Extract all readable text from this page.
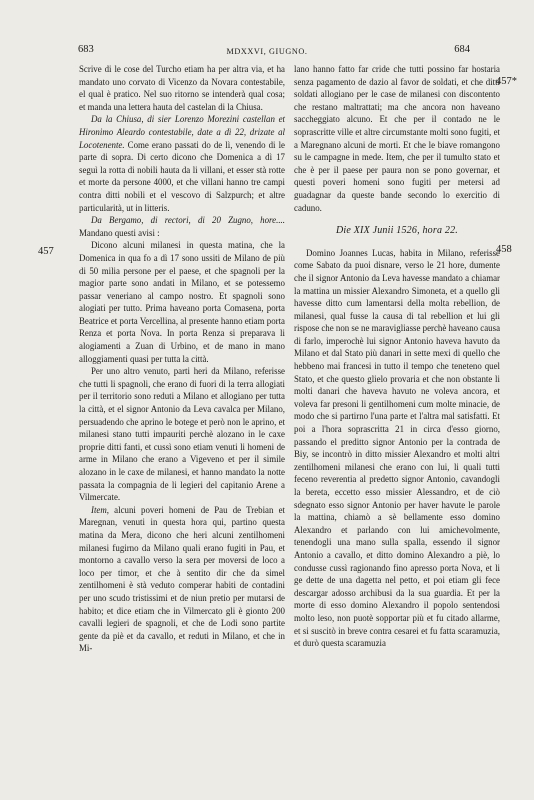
683	MDXXVI, GIUGNO.	684
457*
457	458

Scrive di le cose del Turcho etiam ha per altra via, et ha mandato uno corvato di Vicenzo da Novara contestabile, el qual è pratico. Nel suo ritorno se intenderà qual cosa; et manda una lettera hauta del castelan di la Chiusa.

Da la Chiusa, di sier Lorenzo Morezini castellan et Hironimo Aleardo contestabile, date a dì 22, drizate al Locotenente. Come erano passati do de lì, venendo di le parte di sopra. Di certo dicono che Domenica a dì 17 seguì la rotta di nobili hauta da li villani, et esser stà rotte et morte da persone 4000, et che villani hanno tre campi contra ditti nobili et el vescovo di Salzpurch; et altre particularità, ut in litteris.

Da Bergamo, di rectori, di 20 Zugno, hore.... Mandano questi avisi :

Dicono alcuni milanesi in questa matina, che la Domenica in qua fo a dì 17 sono ussiti de Milano de più di 50 milia persone per el paese, et che spagnoli per la magior parte sono andati in Milano, et se potessemo passar veneriano al campo nostro. Et spagnoli sono alogiati per tutto. Prima haveano porta Comasena, porta Beatrice et porta Vercellina, al presente hanno etiam porta Renza et porta Nova. In porta Renza si preparava li alogiamenti a Zuan di Urbino, et de mano in mano alloggiamenti quasi per tutta la città.

Per uno altro venuto, parti heri da Milano, referisse che tutti li spagnoli, che erano di fuori di la terra allogiati per il territorio sono reduti a Milano et allogiano per tutta la città, et el signor Antonio da Leva cavalca per Milano, persuadendo che aprino le botege et però non le aprino, et milanesi stano tutti impauriti perchè alozano in le caxe proprie ditti fanti, et cussì sono etiam venuti li homeni de arme in Milano che erano a Vigeveno et per il simile alozano in le caxe de milanesi, et hanno mandato la notte passata la compagnia de li legieri del capitanio Arene a Vilmercate.

Item, alcuni poveri homeni de Pau de Trebian et Maregnan, venuti in questa hora qui, partino questa matina da Mera, dicono che heri alcuni zentilhomeni milanesi fugirno da Milano quali erano fugiti in Pau, et montorno a cavallo verso la sera per moversi de loco a loco per timor, et che à sentito dir che da simel zentilhomeni è stà veduto comperar habiti de contadini per uno scudo tristissimi et de niun pretio per mutarsi de habito; et dice etiam che in Vilmercato gli è gionto 200 cavalli legieri de spagnoli, et che de Lodi sono partite gente da piè et da cavallo, et reduti in Milano, et che in Mi-

lano hanno fatto far cride che tutti possino far hostaria senza pagamento de dazio al favor de soldati, et che ditti soldati allogiano per le case de milanesi con discontento che restano maltrattati; ma che ancora non haveano saccheggiato alcuno. Et che per il contado ne le soprascritte ville et altre circumstante molti sono fugiti, et a Maregnano alcuni de morti. Et che le biave romangono su le campagne in mede. Item, che per il tumulto stato et che è per il paese per paura non se pono governar, et questi poveri homeni sono fugiti per metersi ad guadagnar da queste bande secondo lo exercitio di caduno.

Die XIX Junii 1526, hora 22.

Domino Joannes Lucas, habita in Milano, referisse come Sabato da puoi disnare, verso le 21 hore, dumente che il signor Antonio da Leva havesse mandato a chiamar la mattina un missier Alexandro Simoneta, et a quello gli havesse ditto cum lamentarsi della molta rebellion, de milanesi, qual fusse la causa di tal rebellion et lui gli rispose che non se ne maravigliasse perchè haveano causa di farlo, imperochè lui signor Antonio haveva havuto da Milano et dal Stato più danari in sette mexi di quello che hebbeno mai francesi in tutto il tempo che teneteno quel Stato, et che questo glielo provaria et che non obstante li molti danari che haveva havuto ne voleva ancora, et voleva far presoni li gentilhomeni cum molte minacie, de modo che si partirno l'una parte et l'altra mal satisfatti. Et poi a l'hora soprascritta 21 in circa d'esso giorno, passando el preditto signor Antonio per la contrada de Biy, se incontrò in ditto missier Alexandro et molti altri zentilhomeni milanesi che erano con lui, li quali tutti feceno reverentia al predetto signor Antonio, cavandogli la bereta, eccetto esso missier Alessandro, et de ciò sdegnato esso signor Antonio per haver havute le parole la mattina, chiamò a sè bellamente esso domino Alexandro et parlando con lui amichevolmente, tenendogli una mano sulla spalla, essendo il signor Antonio a cavallo, et ditto domino Alexandro a piè, lo condusse cussì ragionando fino apresso porta Nova, et li ge dette de una dagetta nel petto, et poi etiam gli fece descargar adosso archibusi da la sua guardia. Et per la morte di esso domino Alexandro il popolo sentendosi molto leso, non puotè sopportar più et fu citado allarme, et si suscitò in breve contra cesarei et fu fatta scaramuzia, et durò questa scaramuzia
